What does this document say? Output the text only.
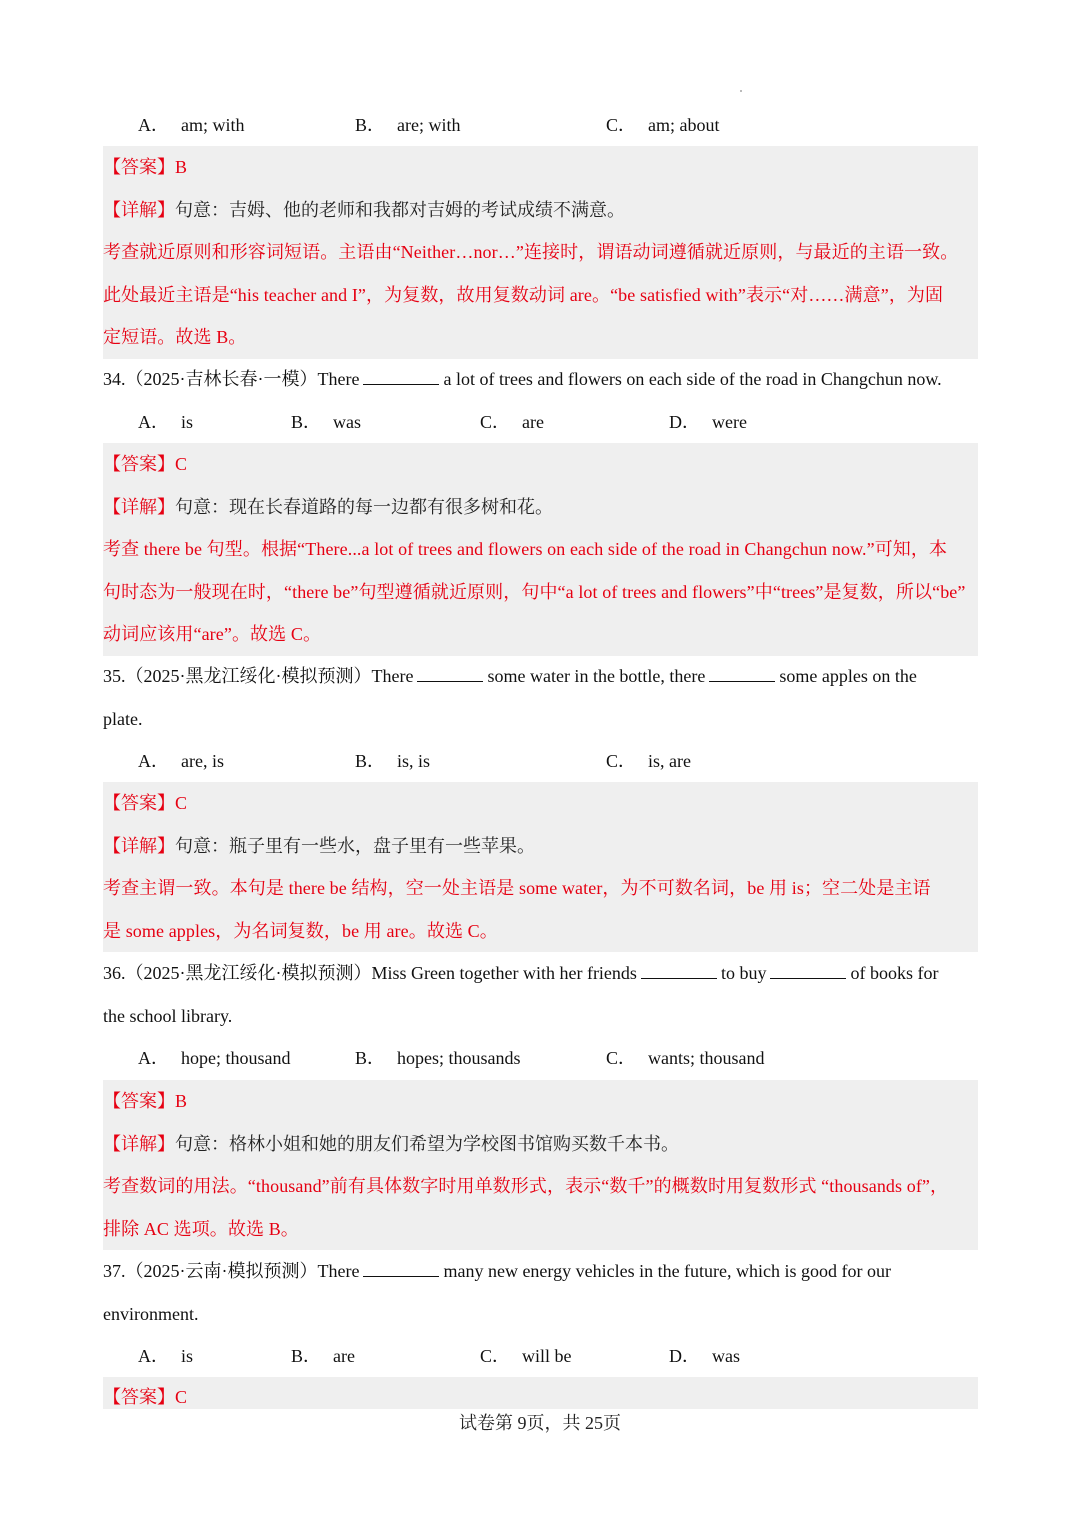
A． am; with	B． are; with	C． am; about
【答案】B
【详解】句意：吉姆、他的老师和我都对吉姆的考试成绩不满意。
考查就近原则和形容词短语。主语由“Neither…nor…”连接时，谓语动词遵循就近原则，与最近的主语一致。
此处最近主语是“his teacher and I”，为复数，故用复数动词 are。“be satisfied with”表示“对……满意”，为固
定短语。故选 B。
34.（2025·吉林长春·一模）There	a lot of trees and flowers on each side of the road in Changchun now.
A． is	B． was	C． are	D． were
【答案】C
【详解】句意：现在长春道路的每一边都有很多树和花。
考查 there be 句型。根据“There...a lot of trees and flowers on each side of the road in Changchun now.”可知，本
句时态为一般现在时，“there be”句型遵循就近原则，句中“a lot of trees and flowers”中“trees”是复数，所以“be”
动词应该用“are”。故选 C。
35.（2025·黑龙江绥化·模拟预测）There	some water in the bottle, there	some apples on the
plate.
A． are, is	B． is, is	C． is, are
【答案】C
【详解】句意：瓶子里有一些水，盘子里有一些苹果。
考查主谓一致。本句是 there be 结构，空一处主语是 some water，为不可数名词，be 用 is；空二处是主语
是 some apples，为名词复数，be 用 are。故选 C。
36.（2025·黑龙江绥化·模拟预测）Miss Green together with her friends	to buy	of books for
the school library.
A． hope; thousand	B． hopes; thousands	C． wants; thousand
【答案】B
【详解】句意：格林小姐和她的朋友们希望为学校图书馆购买数千本书。
考查数词的用法。“thousand”前有具体数字时用单数形式，表示“数千”的概数时用复数形式 “thousands of”，
排除 AC 选项。故选 B。
37.（2025·云南·模拟预测）There	many new energy vehicles in the future, which is good for our
environment.
A． is	B． are	C． will be	D． was
【答案】C
试卷第 9页，共 25页
